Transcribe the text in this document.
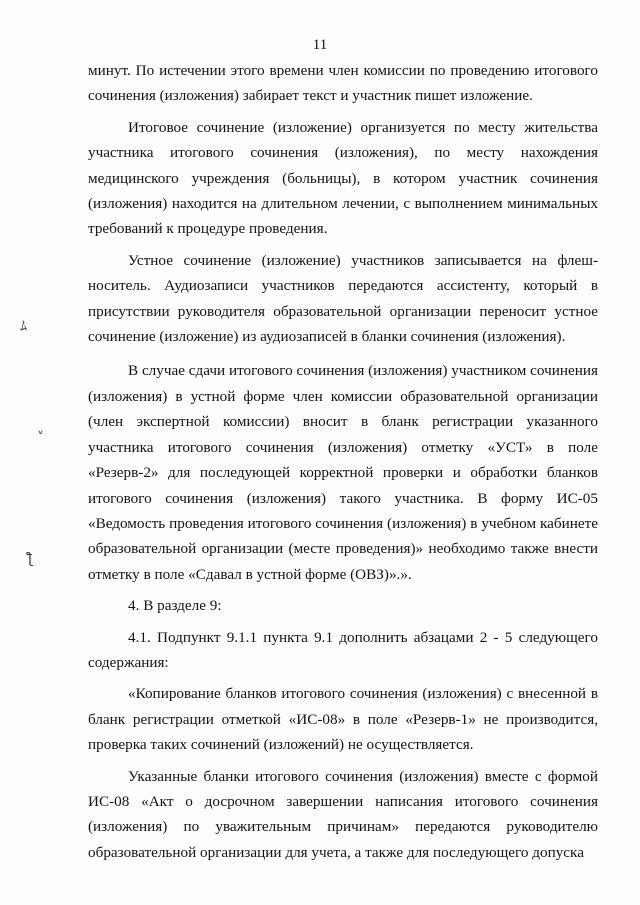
11
ﾑ
˅
ƪ

минут. По истечении этого времени член комиссии по проведению итогового сочинения (изложения) забирает текст и участник пишет изложение.

Итоговое сочинение (изложение) организуется по месту жительства участника итогового сочинения (изложения), по месту нахождения медицинского учреждения (больницы), в котором участник сочинения (изложения) находится на длительном лечении, с выполнением минимальных требований к процедуре проведения.

Устное сочинение (изложение) участников записывается на флеш-носитель. Аудиозаписи участников передаются ассистенту, который в присутствии руководителя образовательной организации переносит устное сочинение (изложение) из аудиозаписей в бланки сочинения (изложения).

В случае сдачи итогового сочинения (изложения) участником сочинения (изложения) в устной форме член комиссии образовательной организации (член экспертной комиссии) вносит в бланк регистрации указанного участника итогового сочинения (изложения) отметку «УСТ» в поле «Резерв-2» для последующей корректной проверки и обработки бланков итогового сочинения (изложения) такого участника. В форму ИС-05 «Ведомость проведения итогового сочинения (изложения) в учебном кабинете образовательной организации (месте проведения)» необходимо также внести отметку в поле «Сдавал в устной форме (ОВЗ)».».

4. В разделе 9:

4.1. Подпункт 9.1.1 пункта 9.1 дополнить абзацами 2 - 5 следующего содержания:

«Копирование бланков итогового сочинения (изложения) с внесенной в бланк регистрации отметкой «ИС-08» в поле «Резерв-1» не производится, проверка таких сочинений (изложений) не осуществляется.

Указанные бланки итогового сочинения (изложения) вместе с формой ИС-08 «Акт о досрочном завершении написания итогового сочинения (изложения) по уважительным причинам» передаются руководителю образовательной организации для учета, а также для последующего допуска
